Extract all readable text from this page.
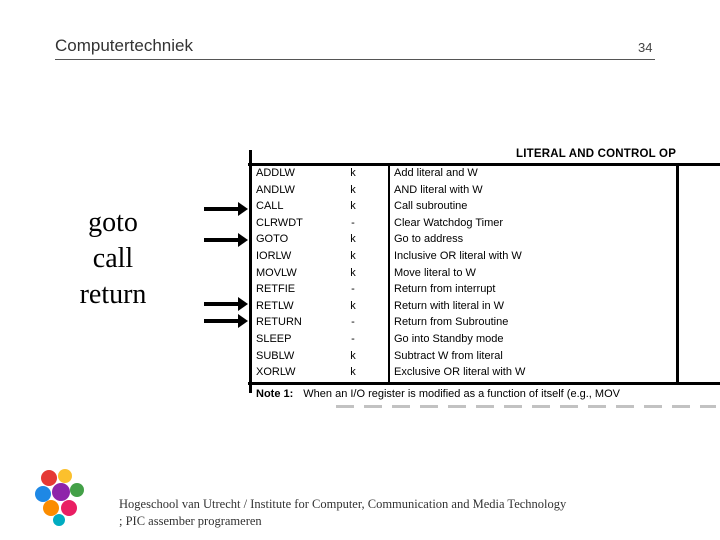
Computertechniek	34
goto
call
return
LITERAL AND CONTROL OP
ADDLW	k	Add literal and W
ANDLW	k	AND literal with W
CALL	k	Call subroutine
CLRWDT	-	Clear Watchdog Timer
GOTO	k	Go to address
IORLW	k	Inclusive OR literal with W
MOVLW	k	Move literal to W
RETFIE	-	Return from interrupt
RETLW	k	Return with literal in W
RETURN	-	Return from Subroutine
SLEEP	-	Go into Standby mode
SUBLW	k	Subtract W from literal
XORLW	k	Exclusive OR literal with W
Note 1: When an I/O register is modified as a function of itself (e.g., MOV
Hogeschool van Utrecht / Institute for Computer, Communication and Media Technology
; PIC assember programeren
